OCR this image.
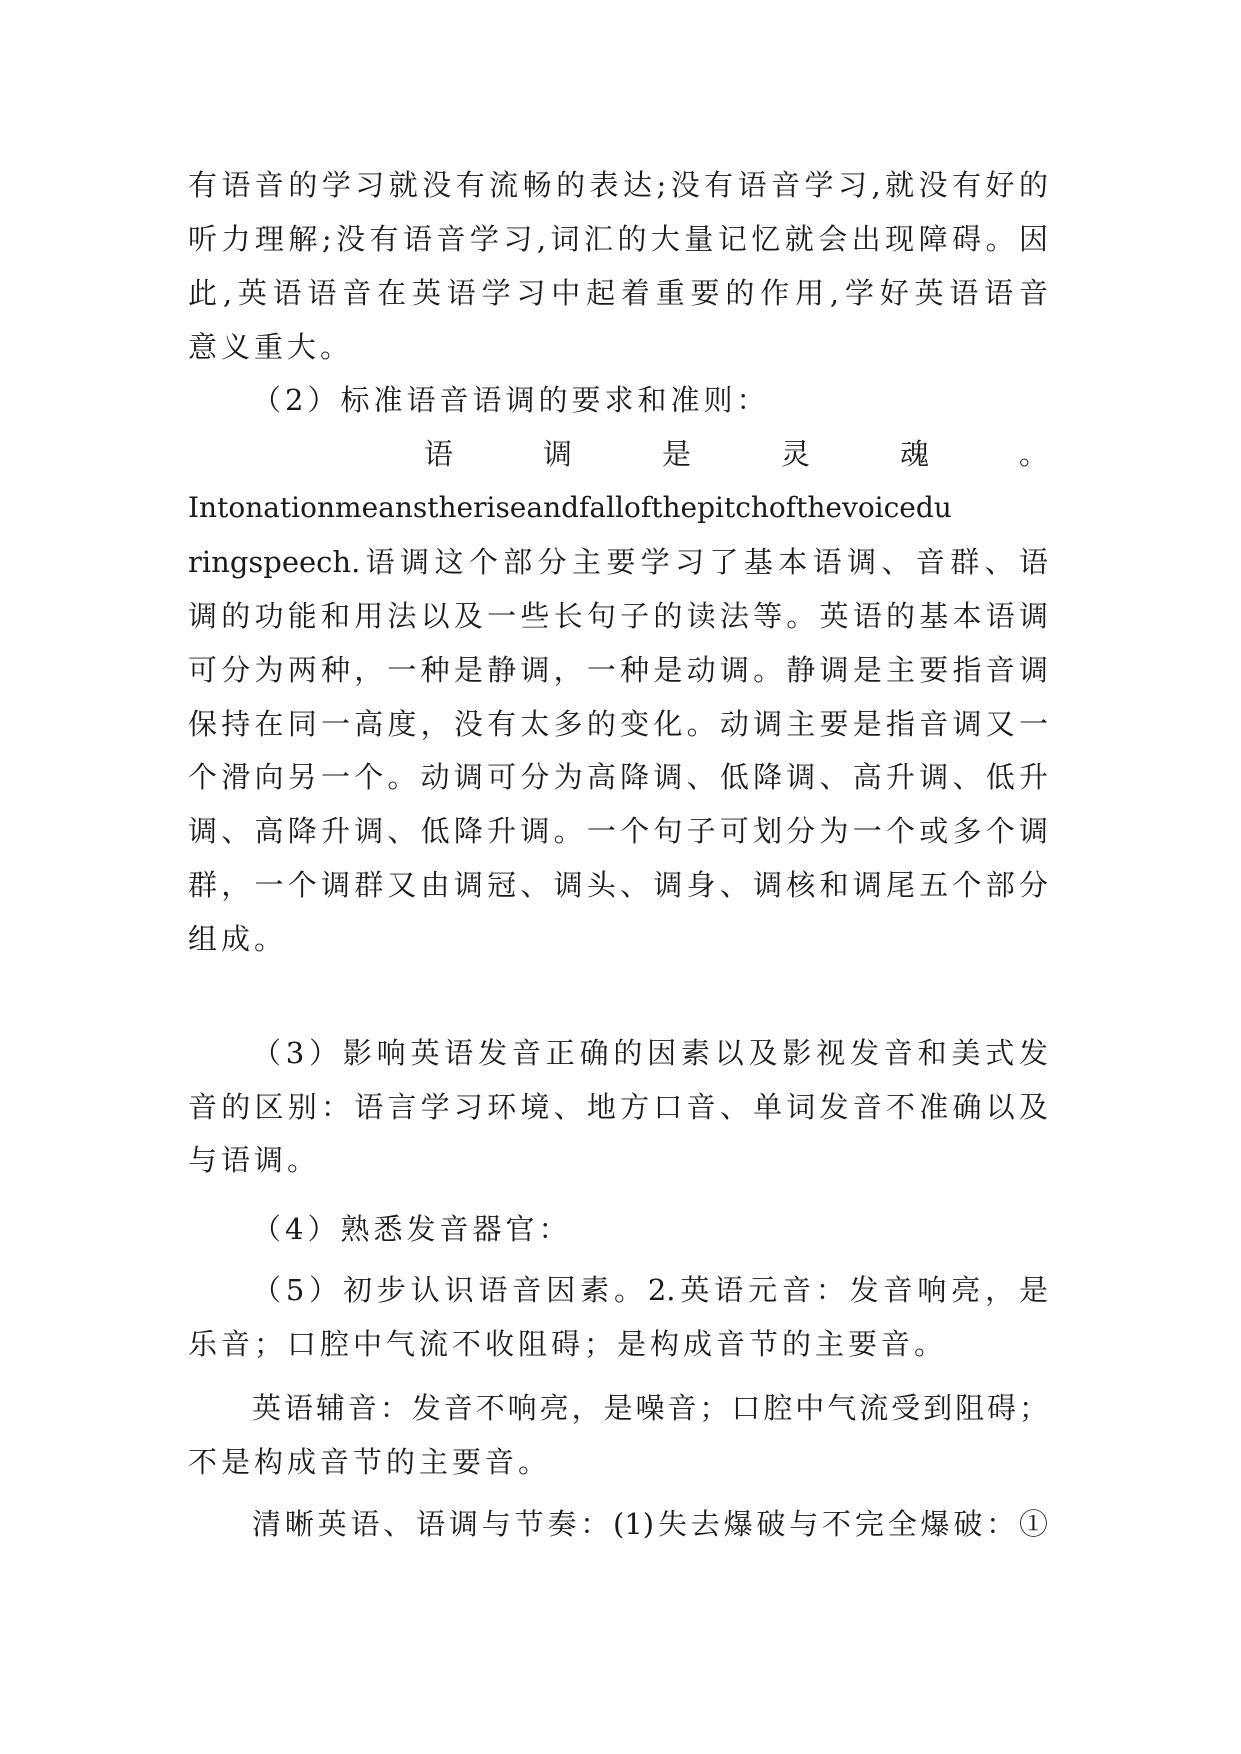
有语音的学习就没有流畅的表达;没有语音学习,就没有好的
听力理解;没有语音学习,词汇的大量记忆就会出现障碍。因
此,英语语音在英语学习中起着重要的作用,学好英语语音
意义重大。
（2）标准语音语调的要求和准则：
语　　调　　是　　灵　　魂　　。
Intonationmeanstheriseandfallofthepitchofthevoicedu
ringspeech.语调这个部分主要学习了基本语调、音群、语
调的功能和用法以及一些长句子的读法等。英语的基本语调
可分为两种，一种是静调，一种是动调。静调是主要指音调
保持在同一高度，没有太多的变化。动调主要是指音调又一
个滑向另一个。动调可分为高降调、低降调、高升调、低升
调、高降升调、低降升调。一个句子可划分为一个或多个调
群，一个调群又由调冠、调头、调身、调核和调尾五个部分
组成。
（3）影响英语发音正确的因素以及影视发音和美式发
音的区别：语言学习环境、地方口音、单词发音不准确以及
与语调。
（4）熟悉发音器官：
（5）初步认识语音因素。2.英语元音：发音响亮，是
乐音；口腔中气流不收阻碍；是构成音节的主要音。
英语辅音：发音不响亮，是噪音；口腔中气流受到阻碍；
不是构成音节的主要音。
清晰英语、语调与节奏：(1)失去爆破与不完全爆破：①
